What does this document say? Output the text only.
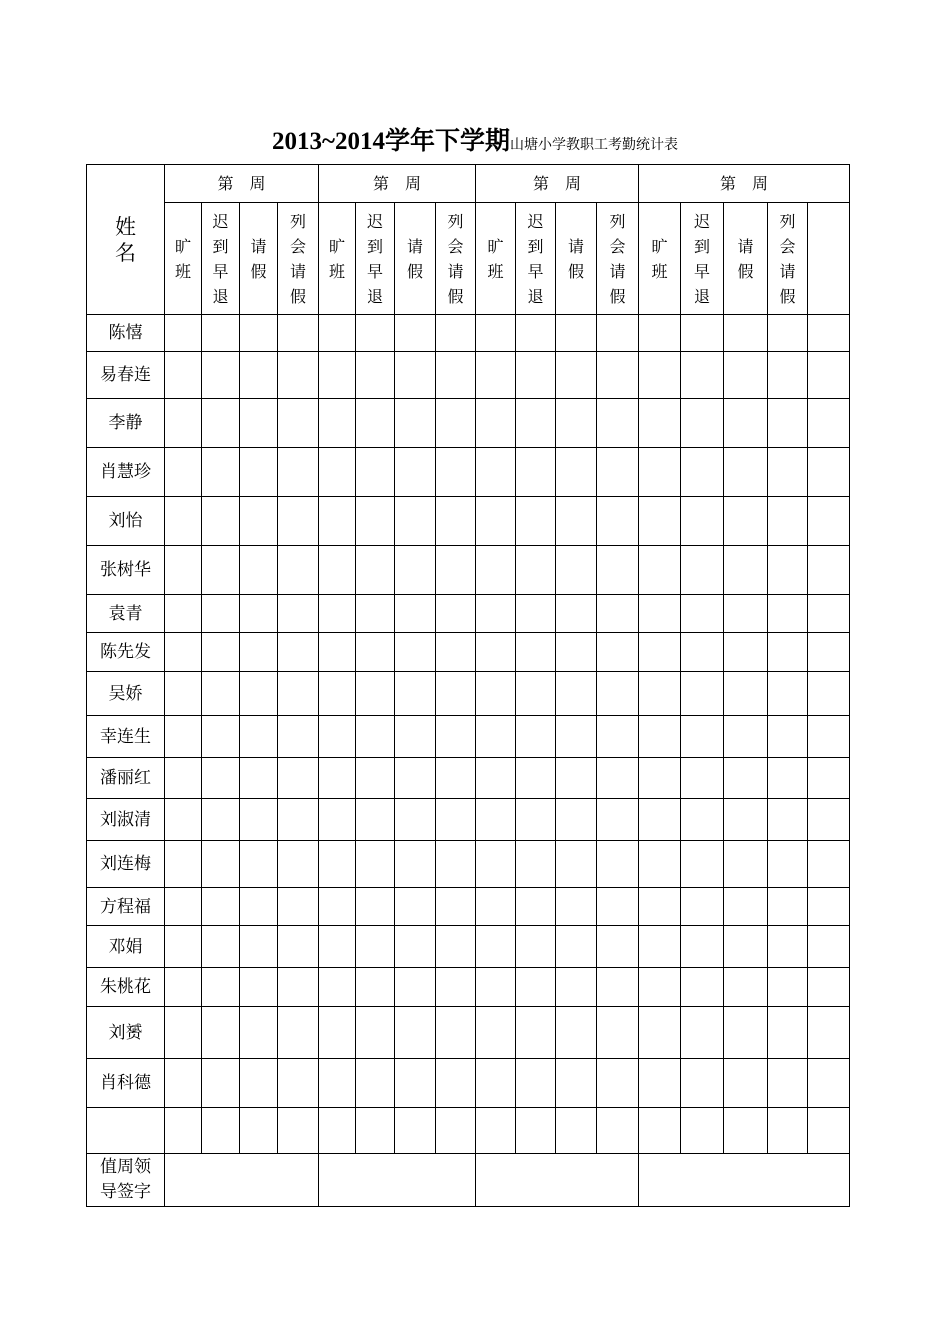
2013~2014学年下学期山塘小学教职工考勤统计表
姓名	第　周				第　周				第　周				第　周				
	旷班	迟到早退	请假	列会请假	旷班	迟到早退	请假	列会请假	旷班	迟到早退	请假	列会请假	旷班	迟到早退	请假	列会请假	
陈憘																	
易春连																	
李静																	
肖慧珍																	
刘怡																	
张树华																	
袁青																	
陈先发																	
吴娇																	
幸连生																	
潘丽红																	
刘淑清																	
刘连梅																	
方程福																	
邓娟																	
朱桃花																	
刘赟																	
肖科德																	

值周领导签字																	
